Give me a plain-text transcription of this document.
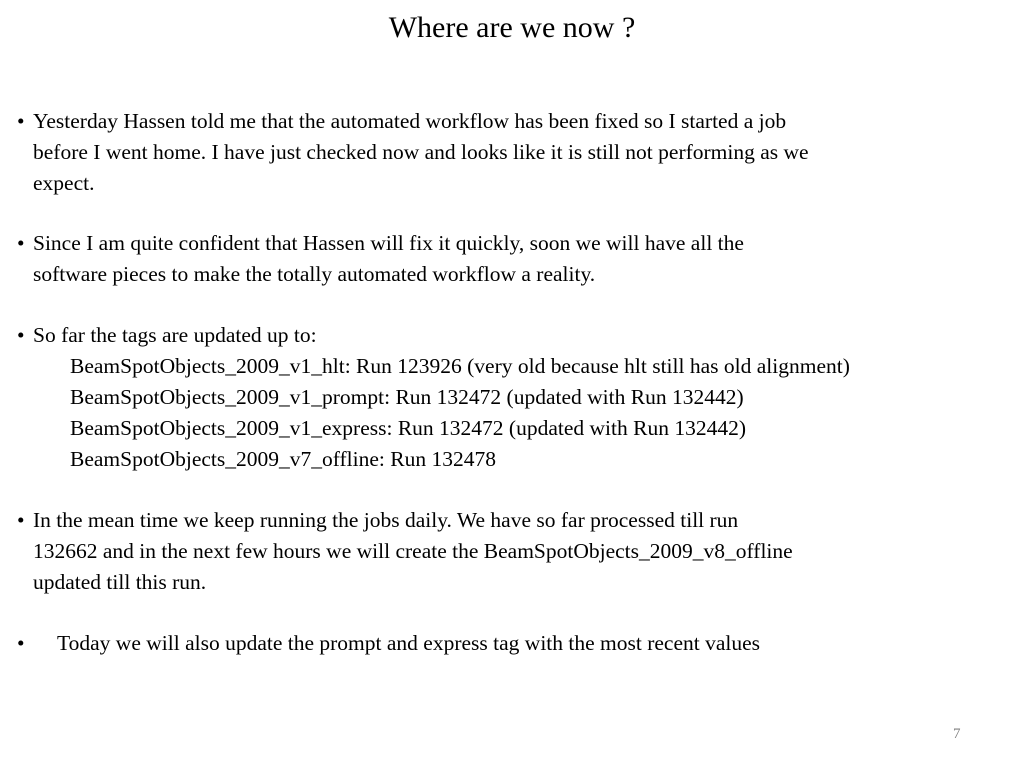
Where are we now ?
• Yesterday Hassen told me that the automated workflow has been fixed so I started a job
before I went home. I have just checked now and looks like it is still not performing as we
expect.
• Since I am quite confident that Hassen will fix it quickly, soon we will have all the
software pieces to make the totally automated workflow a reality.
• So far the tags are updated up to:
BeamSpotObjects_2009_v1_hlt: Run 123926 (very old because hlt still has old alignment)
BeamSpotObjects_2009_v1_prompt: Run 132472 (updated with Run 132442)
BeamSpotObjects_2009_v1_express: Run 132472 (updated with Run 132442)
BeamSpotObjects_2009_v7_offline: Run 132478
• In the mean time we keep running the jobs daily. We have so far processed till run
132662 and in the next few hours we will create the BeamSpotObjects_2009_v8_offline
updated till this run.
• Today we will also update the prompt and express tag with the most recent values
7
